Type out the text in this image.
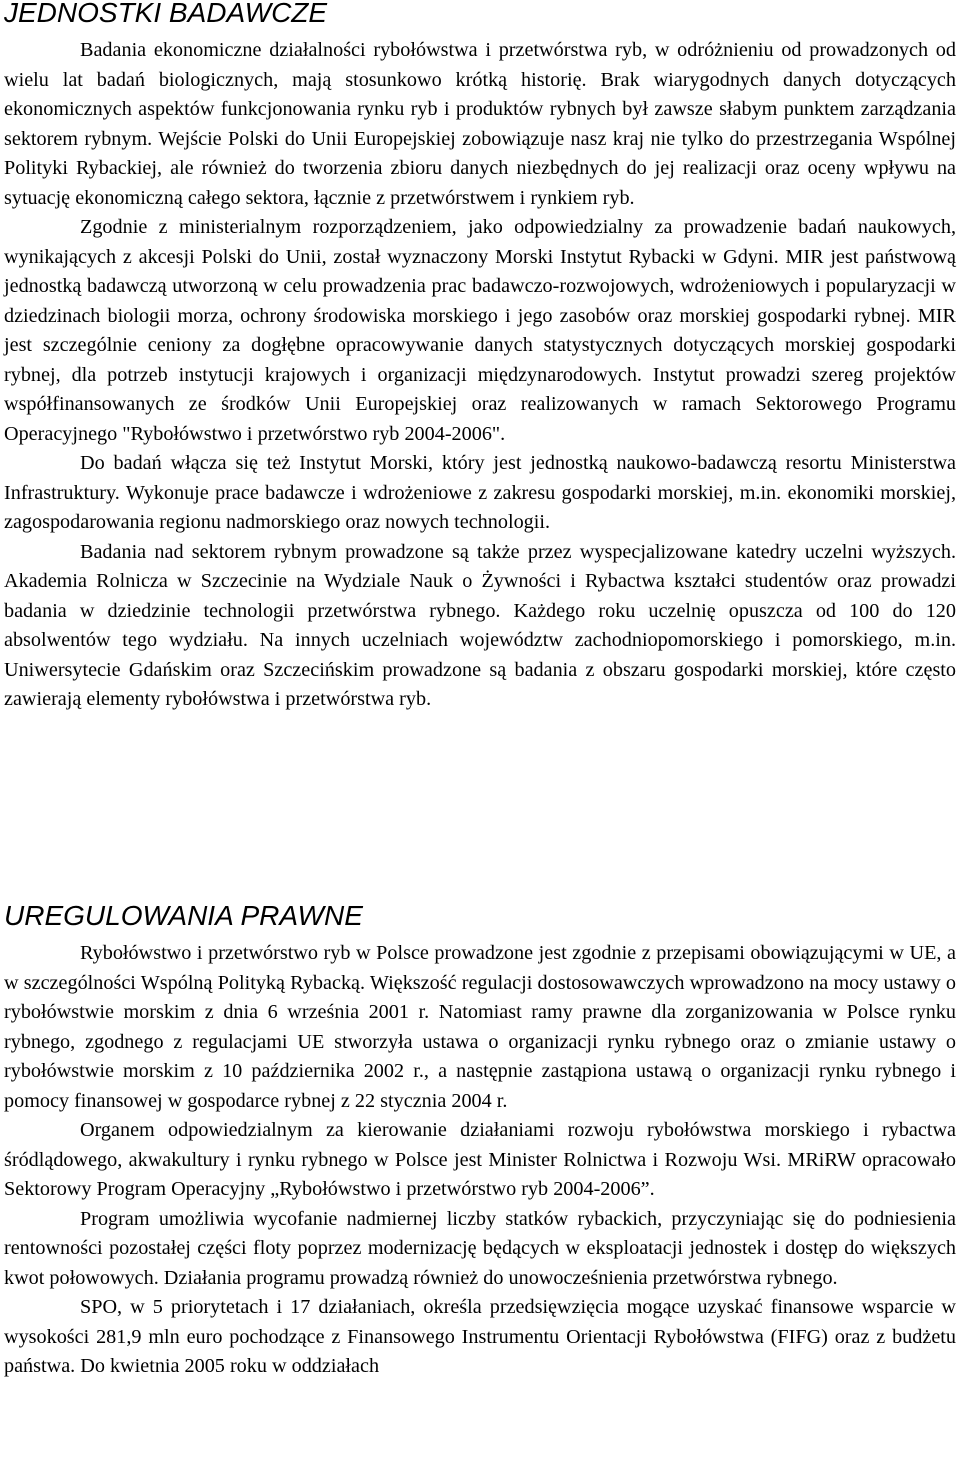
JEDNOSTKI BADAWCZE

Badania ekonomiczne działalności rybołówstwa i przetwórstwa ryb, w odróżnieniu od prowadzonych od wielu lat badań biologicznych, mają stosunkowo krótką historię. Brak wiarygodnych danych dotyczących ekonomicznych aspektów funkcjonowania rynku ryb i produktów rybnych był zawsze słabym punktem zarządzania sektorem rybnym. Wejście Polski do Unii Europejskiej zobowiązuje nasz kraj nie tylko do przestrzegania Wspólnej Polityki Rybackiej, ale również do tworzenia zbioru danych niezbędnych do jej realizacji oraz oceny wpływu na sytuację ekonomiczną całego sektora, łącznie z przetwórstwem i rynkiem ryb.

Zgodnie z ministerialnym rozporządzeniem, jako odpowiedzialny za prowadzenie badań naukowych, wynikających z akcesji Polski do Unii, został wyznaczony Morski Instytut Rybacki w Gdyni. MIR jest państwową jednostką badawczą utworzoną w celu prowadzenia prac badawczo-rozwojowych, wdrożeniowych i popularyzacji w dziedzinach biologii morza, ochrony środowiska morskiego i jego zasobów oraz morskiej gospodarki rybnej. MIR jest szczególnie ceniony za dogłębne opracowywanie danych statystycznych dotyczących morskiej gospodarki rybnej, dla potrzeb instytucji krajowych i organizacji międzynarodowych. Instytut prowadzi szereg projektów współfinansowanych ze środków Unii Europejskiej oraz realizowanych w ramach Sektorowego Programu Operacyjnego "Rybołówstwo i przetwórstwo ryb 2004-2006".

Do badań włącza się też Instytut Morski, który jest jednostką naukowo-badawczą resortu Ministerstwa Infrastruktury. Wykonuje prace badawcze i wdrożeniowe z zakresu gospodarki morskiej, m.in. ekonomiki morskiej, zagospodarowania regionu nadmorskiego oraz nowych technologii.

Badania nad sektorem rybnym prowadzone są także przez wyspecjalizowane katedry uczelni wyższych. Akademia Rolnicza w Szczecinie na Wydziale Nauk o Żywności i Rybactwa kształci studentów oraz prowadzi badania w dziedzinie technologii przetwórstwa rybnego. Każdego roku uczelnię opuszcza od 100 do 120 absolwentów tego wydziału. Na innych uczelniach województw zachodniopomorskiego i pomorskiego, m.in. Uniwersytecie Gdańskim oraz Szczecińskim prowadzone są badania z obszaru gospodarki morskiej, które często zawierają elementy rybołówstwa i przetwórstwa ryb.

UREGULOWANIA PRAWNE

Rybołówstwo i przetwórstwo ryb w Polsce prowadzone jest zgodnie z przepisami obowiązującymi w UE, a w szczególności Wspólną Polityką Rybacką. Większość regulacji dostosowawczych wprowadzono na mocy ustawy o rybołówstwie morskim z dnia 6 września 2001 r. Natomiast ramy prawne dla zorganizowania w Polsce rynku rybnego, zgodnego z regulacjami UE stworzyła ustawa o organizacji rynku rybnego oraz o zmianie ustawy o rybołówstwie morskim z 10 października 2002 r., a następnie zastąpiona ustawą o organizacji rynku rybnego i pomocy finansowej w gospodarce rybnej z 22 stycznia 2004 r.

Organem odpowiedzialnym za kierowanie działaniami rozwoju rybołówstwa morskiego i rybactwa śródlądowego, akwakultury i rynku rybnego w Polsce jest Minister Rolnictwa i Rozwoju Wsi. MRiRW opracowało Sektorowy Program Operacyjny „Rybołówstwo i przetwórstwo ryb 2004-2006”.

Program umożliwia wycofanie nadmiernej liczby statków rybackich, przyczyniając się do podniesienia rentowności pozostałej części floty poprzez modernizację będących w eksploatacji jednostek i dostęp do większych kwot połowowych. Działania programu prowadzą również do unowocześnienia przetwórstwa rybnego.

SPO, w 5 priorytetach i 17 działaniach, określa przedsięwzięcia mogące uzyskać finansowe wsparcie w wysokości 281,9 mln euro pochodzące z Finansowego Instrumentu Orientacji Rybołówstwa (FIFG) oraz z budżetu państwa. Do kwietnia 2005 roku w oddziałach
